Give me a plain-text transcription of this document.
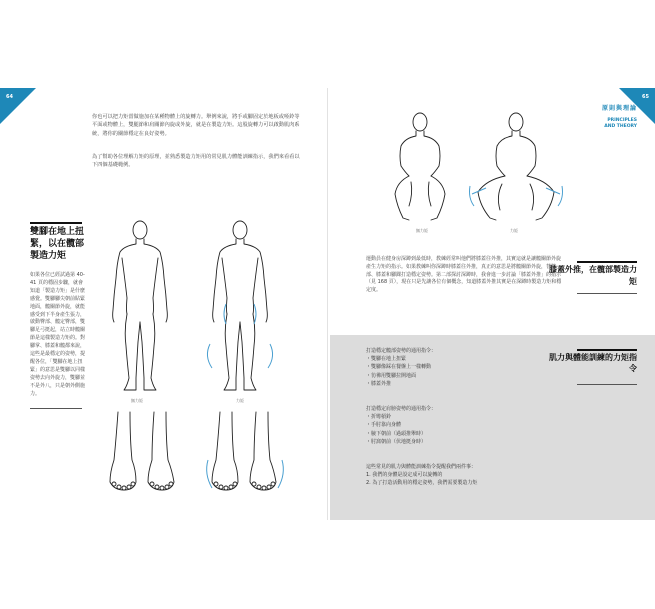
64	65
原則與理論
PRINCIPLES AND THEORY

你也可以把力矩當做施加在某種物體上的旋轉力。舉例來說，將手或腳固定於地板或啞鈴等平面或物體上，雙腿節和肩關節內旋或外旋，就是在製造力矩。這股旋轉力可以啟動肌肉系統，將你的關節穩定在良好姿勢。

為了幫助各位理解力矩的原理，並熟悉製造力矩用的常見肌力體能訓練指示，我們來看看以下四個基礎範例。

雙腳在地上扭緊，以在髖部製造力矩

如果各位已經試過第 40-41 頁的穩固步驟，就會知道「製造力矩」是什麼感覺。雙腳腳尖朝前貼緊地面，髖關節外旋，就能感受到下半身產生張力，啟動臀部、髖定臀部，雙腳足弓挺起，站立時髖關節是這樣製造力矩的。對腳掌、膝蓋和髖都來說，這些是最穩定的姿勢，提醒各位，「雙腳在地上扭緊」的意思是雙腳以同樣姿勢去向外旋力，雙腳並不是外八，只是朝外側施力。

無力矩	力矩
無力矩	力矩
膝蓋外推，在髖部製造力矩

運動員在健身房深蹲到最低時，教練經常叫他們將膝蓋往外推，其實這就是讓髖關節外旋產生力矩的指示。如果教練叫你深蹲時膝蓋往外推，真正的意思是將髖關節外旋，替髖部、膝蓋和腳踝打造穩定姿勢。第二部探討深蹲時，我會進一步討論「膝蓋外推」的指示（見 168 頁），現在只是先讓各位有個概念，知道膝蓋外推其實是在深蹲時製造力矩和穩定度。

肌力與體能訓練的力矩指令
打造穩定髖部姿勢的通用指令：
・雙腳在地上扭緊
・雙腳像踩在餐盤上一樣轉動
・彷彿用雙腳拉開地面
・膝蓋外推
打造穩定肩膀姿勢的通用指令：
・折彎槓鈴
・手肘靠向身體
・腋下朝前（過頭推舉時）
・肘窩朝前（伏地挺身時）
這些常見的肌力與體能訓練指令提醒我們兩件事：
1. 我們的身體是設定成可以旋轉的
2. 為了打造活動用的穩定姿勢，我們需要製造力矩
